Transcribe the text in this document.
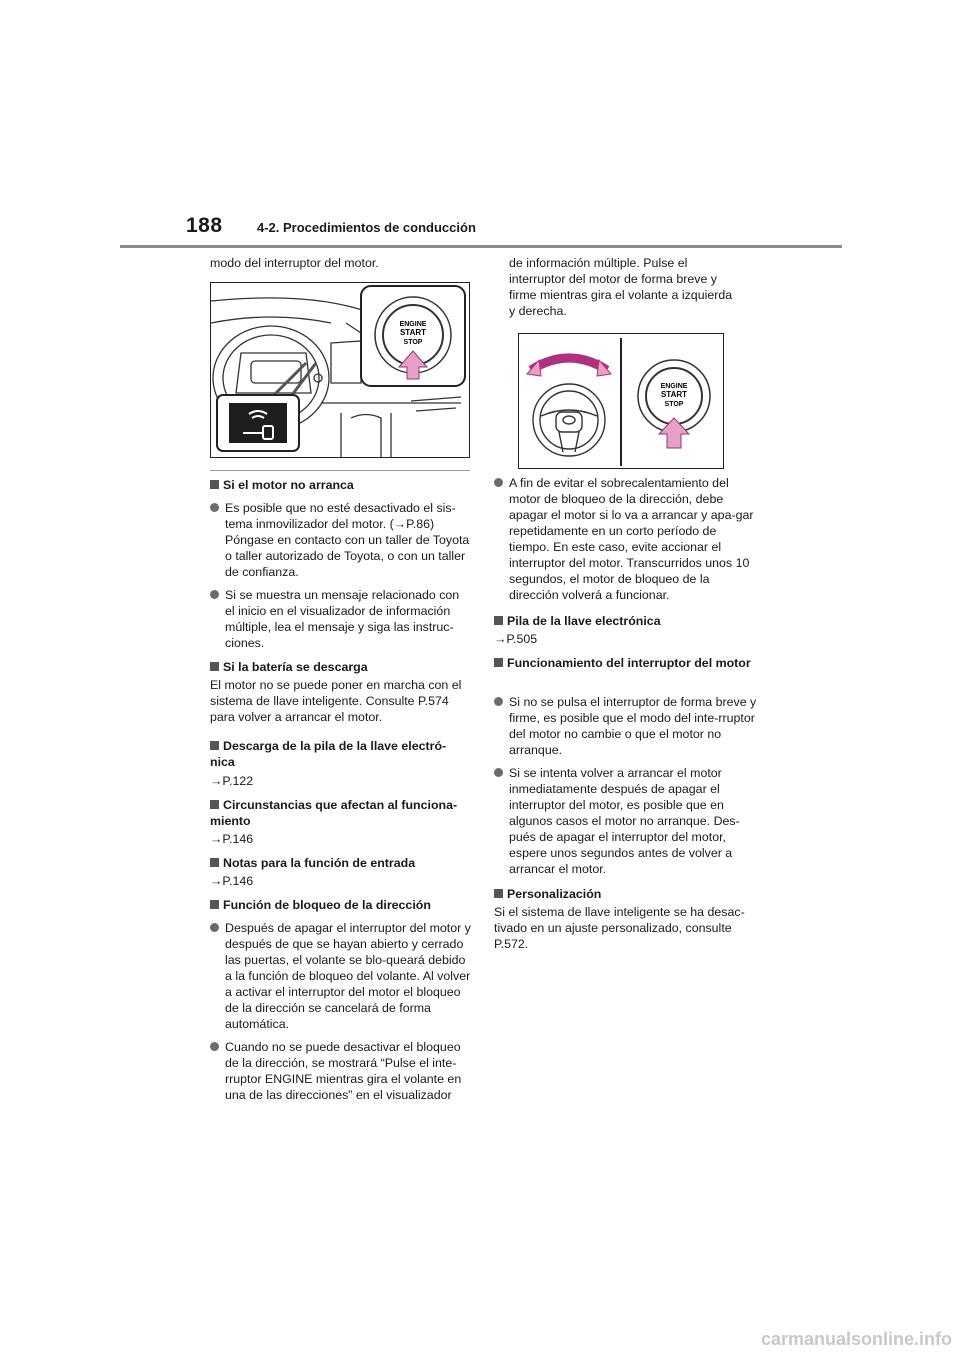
188	4-2. Procedimientos de conducción

modo del interruptor del motor.

ENGINE
START
STOP
Si el motor no arranca
Es posible que no esté desactivado el sis-tema inmovilizador del motor. (→P.86) Póngase en contacto con un taller de Toyota o taller autorizado de Toyota, o con un taller de confianza.
Si se muestra un mensaje relacionado con el inicio en el visualizador de información múltiple, lea el mensaje y siga las instruc-ciones.
Si la batería se descarga

El motor no se puede poner en marcha con el sistema de llave inteligente. Consulte P.574 para volver a arrancar el motor.

Descarga de la pila de la llave electró-nica

→P.122

Circunstancias que afectan al funciona-miento

→P.146

Notas para la función de entrada

→P.146

Función de bloqueo de la dirección
Después de apagar el interruptor del motor y después de que se hayan abierto y cerrado las puertas, el volante se blo-queará debido a la función de bloqueo del volante. Al volver a activar el interruptor del motor el bloqueo de la dirección se cancelará de forma automática.
Cuando no se puede desactivar el bloqueo de la dirección, se mostrará “Pulse el inte-rruptor ENGINE mientras gira el volante en una de las direcciones” en el visualizador

de información múltiple. Pulse el interruptor del motor de forma breve y firme mientras gira el volante a izquierda y derecha.

ENGINE
START
STOP
A fin de evitar el sobrecalentamiento del motor de bloqueo de la dirección, debe apagar el motor si lo va a arrancar y apa-gar repetidamente en un corto período de tiempo. En este caso, evite accionar el interruptor del motor. Transcurridos unos 10 segundos, el motor de bloqueo de la dirección volverá a funcionar.
Pila de la llave electrónica

→P.505

Funcionamiento del interruptor del motor
Si no se pulsa el interruptor de forma breve y firme, es posible que el modo del inte-rruptor del motor no cambie o que el motor no arranque.
Si se intenta volver a arrancar el motor inmediatamente después de apagar el interruptor del motor, es posible que en algunos casos el motor no arranque. Des-pués de apagar el interruptor del motor, espere unos segundos antes de volver a arrancar el motor.
Personalización

Si el sistema de llave inteligente se ha desac-tivado en un ajuste personalizado, consulte P.572.

carmanualsonline.info
